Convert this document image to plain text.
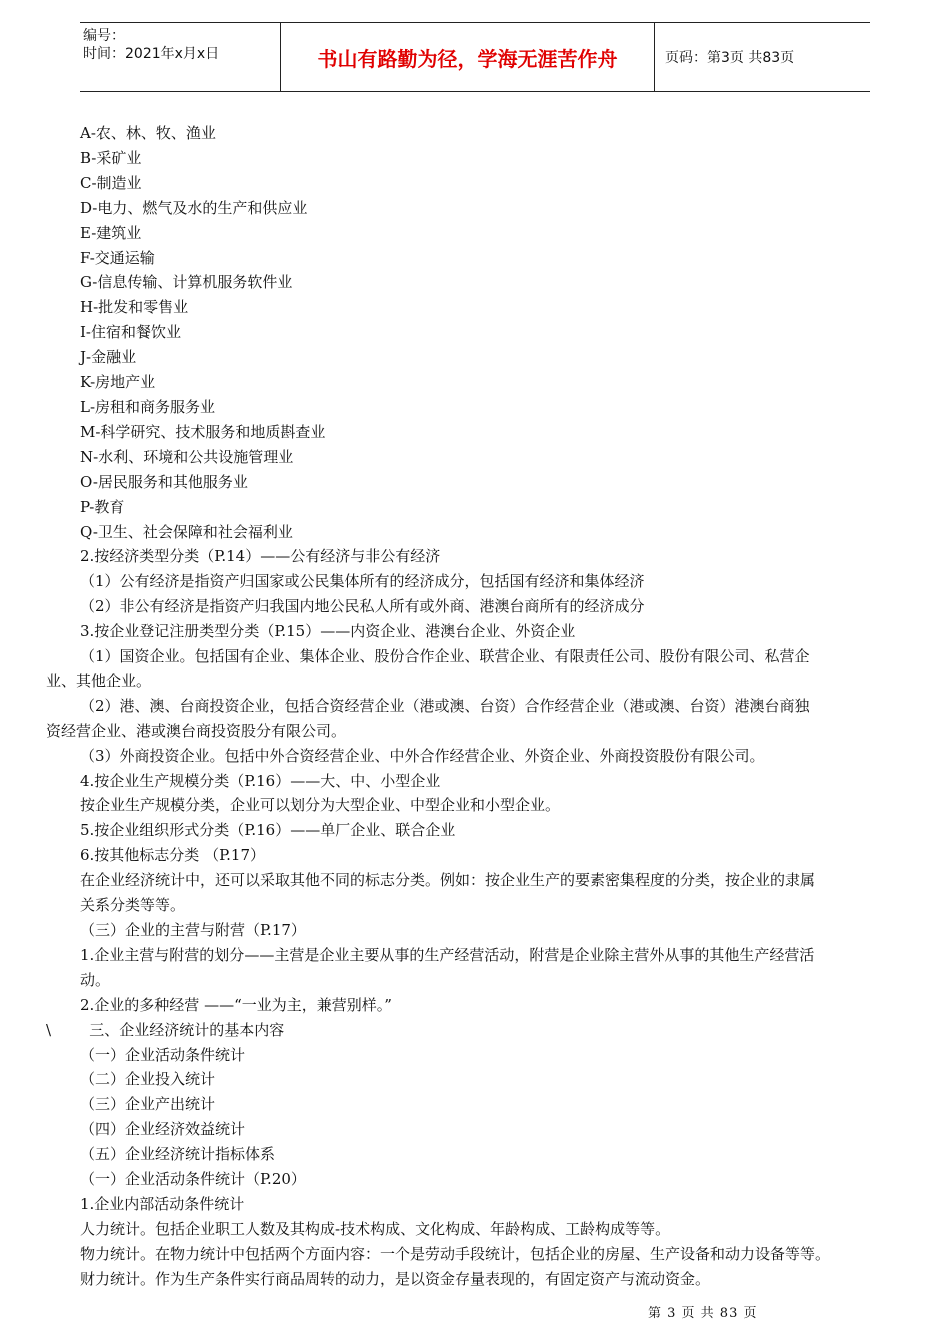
编号：
时间：2021年x月x日	书山有路勤为径，学海无涯苦作舟	页码：第3页 共83页

A-农、林、牧、渔业

B-采矿业

C-制造业

D-电力、燃气及水的生产和供应业

E-建筑业

F-交通运输

G-信息传输、计算机服务软件业

H-批发和零售业

I-住宿和餐饮业

J-金融业

K-房地产业

L-房租和商务服务业

M-科学研究、技术服务和地质斟查业

N-水利、环境和公共设施管理业

O-居民服务和其他服务业

P-教育

Q-卫生、社会保障和社会福利业

2.按经济类型分类（P.14）——公有经济与非公有经济

（1）公有经济是指资产归国家或公民集体所有的经济成分，包括国有经济和集体经济

（2）非公有经济是指资产归我国内地公民私人所有或外商、港澳台商所有的经济成分

3.按企业登记注册类型分类（P.15）——内资企业、港澳台企业、外资企业

（1）国资企业。包括国有企业、集体企业、股份合作企业、联营企业、有限责任公司、股份有限公司、私营企

业、其他企业。

（2）港、澳、台商投资企业，包括合资经营企业（港或澳、台资）合作经营企业（港或澳、台资）港澳台商独

资经营企业、港或澳台商投资股分有限公司。

（3）外商投资企业。包括中外合资经营企业、中外合作经营企业、外资企业、外商投资股份有限公司。

4.按企业生产规模分类（P.16）——大、中、小型企业

按企业生产规模分类，企业可以划分为大型企业、中型企业和小型企业。

5.按企业组织形式分类（P.16）——单厂企业、联合企业

6.按其他标志分类 （P.17）

在企业经济统计中，还可以采取其他不同的标志分类。例如：按企业生产的要素密集程度的分类，按企业的隶属

关系分类等等。

（三）企业的主营与附营（P.17）

1.企业主营与附营的划分——主营是企业主要从事的生产经营活动，附营是企业除主营外从事的其他生产经营活

动。

2.企业的多种经营 ——“一业为主，兼营别样。”

\        三、企业经济统计的基本内容

（一）企业活动条件统计

（二）企业投入统计

（三）企业产出统计

（四）企业经济效益统计

（五）企业经济统计指标体系

（一）企业活动条件统计（P.20）

1.企业内部活动条件统计

人力统计。包括企业职工人数及其构成-技术构成、文化构成、年龄构成、工龄构成等等。

物力统计。在物力统计中包括两个方面内容：一个是劳动手段统计，包括企业的房屋、生产设备和动力设备等等。

财力统计。作为生产条件实行商品周转的动力，是以资金存量表现的，有固定资产与流动资金。

第 3 页 共 83 页
